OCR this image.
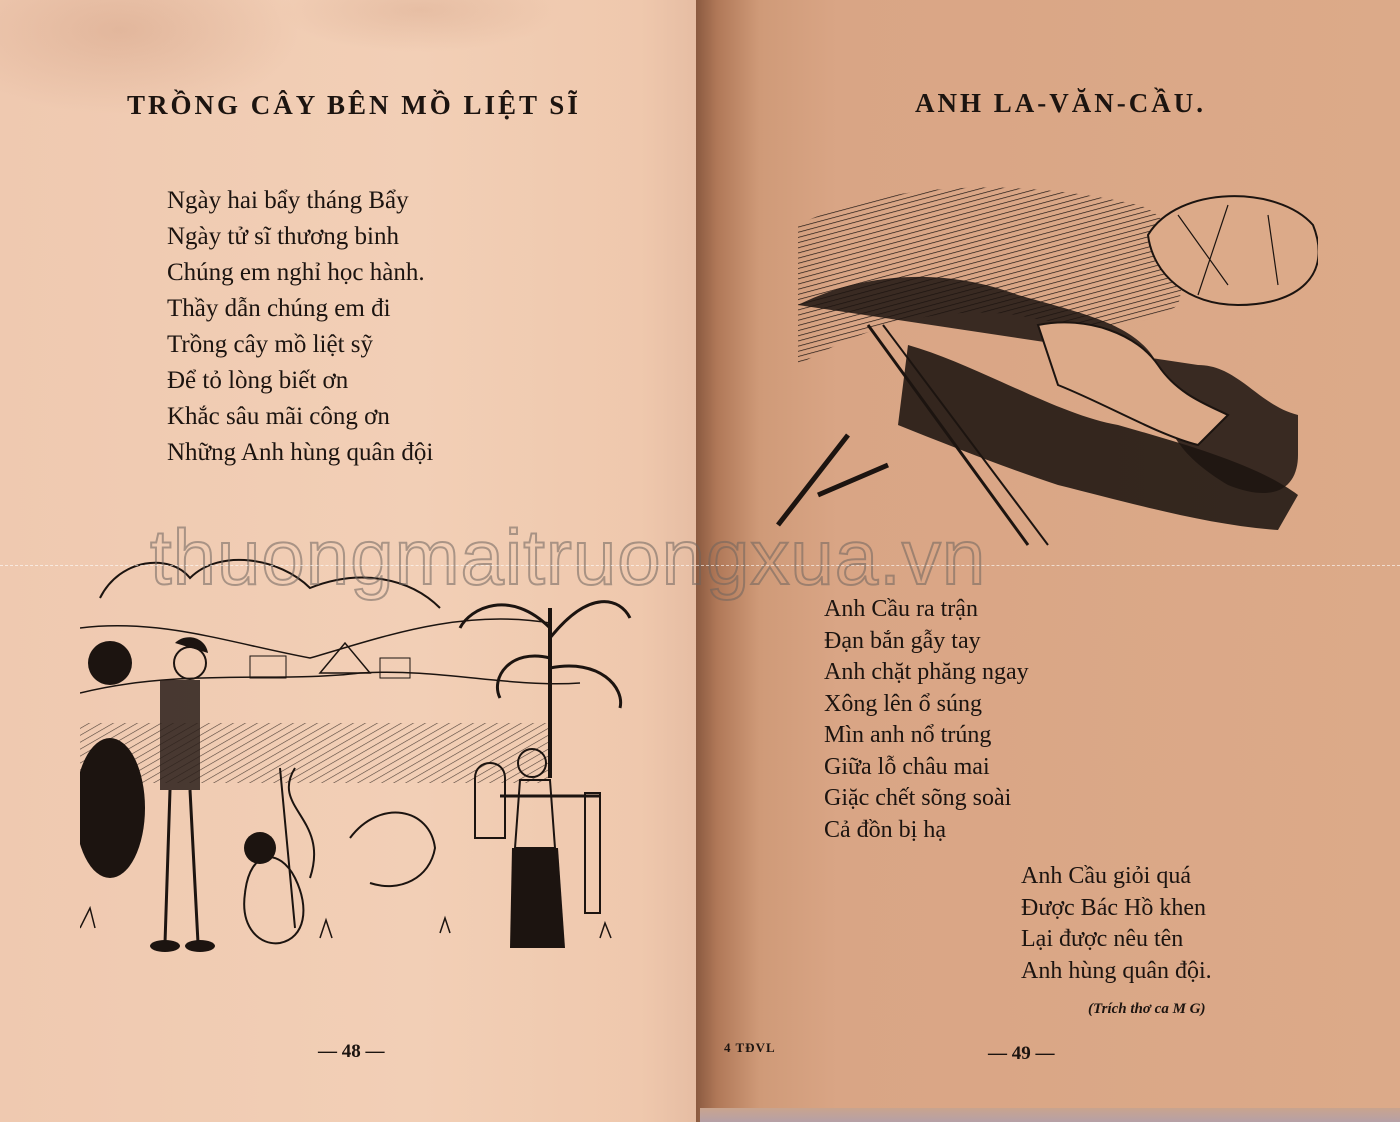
TRỒNG CÂY BÊN MỒ LIỆT SĨ
Ngày hai bẩy tháng Bẩy
Ngày tử sĩ thương binh
Chúng em nghỉ học hành.
Thầy dẫn chúng em đi
Trồng cây mồ liệt sỹ
Để tỏ lòng biết ơn
Khắc sâu mãi công ơn
Những Anh hùng quân đội
— 48 —
ANH LA-VĂN-CẦU.
Anh Cầu ra trận
Đạn bắn gẫy tay
Anh chặt phăng ngay
Xông lên ổ súng
Mìn anh nổ trúng
Giữa lỗ châu mai
Giặc chết sõng soài
Cả đồn bị hạ
Anh Cầu giỏi quá
Được Bác Hồ khen
Lại được nêu tên
Anh hùng quân đội.
(Trích thơ ca M G)
4 TĐVL	— 49 —
